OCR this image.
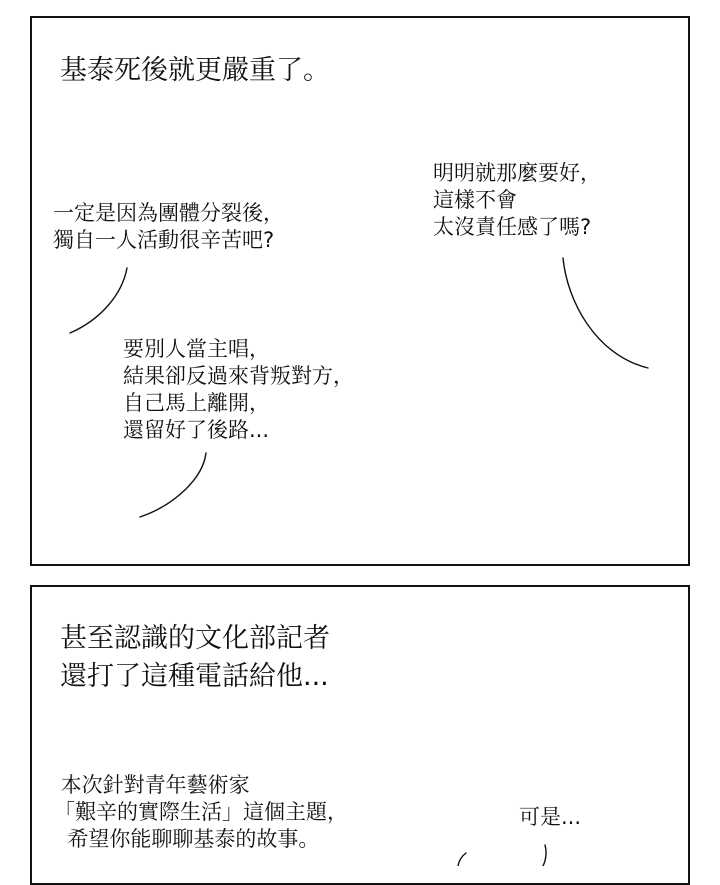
基泰死後就更嚴重了。
一定是因為團體分裂後，
獨自一人活動很辛苦吧?
明明就那麼要好，
這樣不會
太沒責任感了嗎?
要別人當主唱，
結果卻反過來背叛對方，
自己馬上離開，
還留好了後路...
甚至認識的文化部記者
還打了這種電話給他...
本次針對青年藝術家
「艱辛的實際生活」這個主題，
希望你能聊聊基泰的故事。
可是...
